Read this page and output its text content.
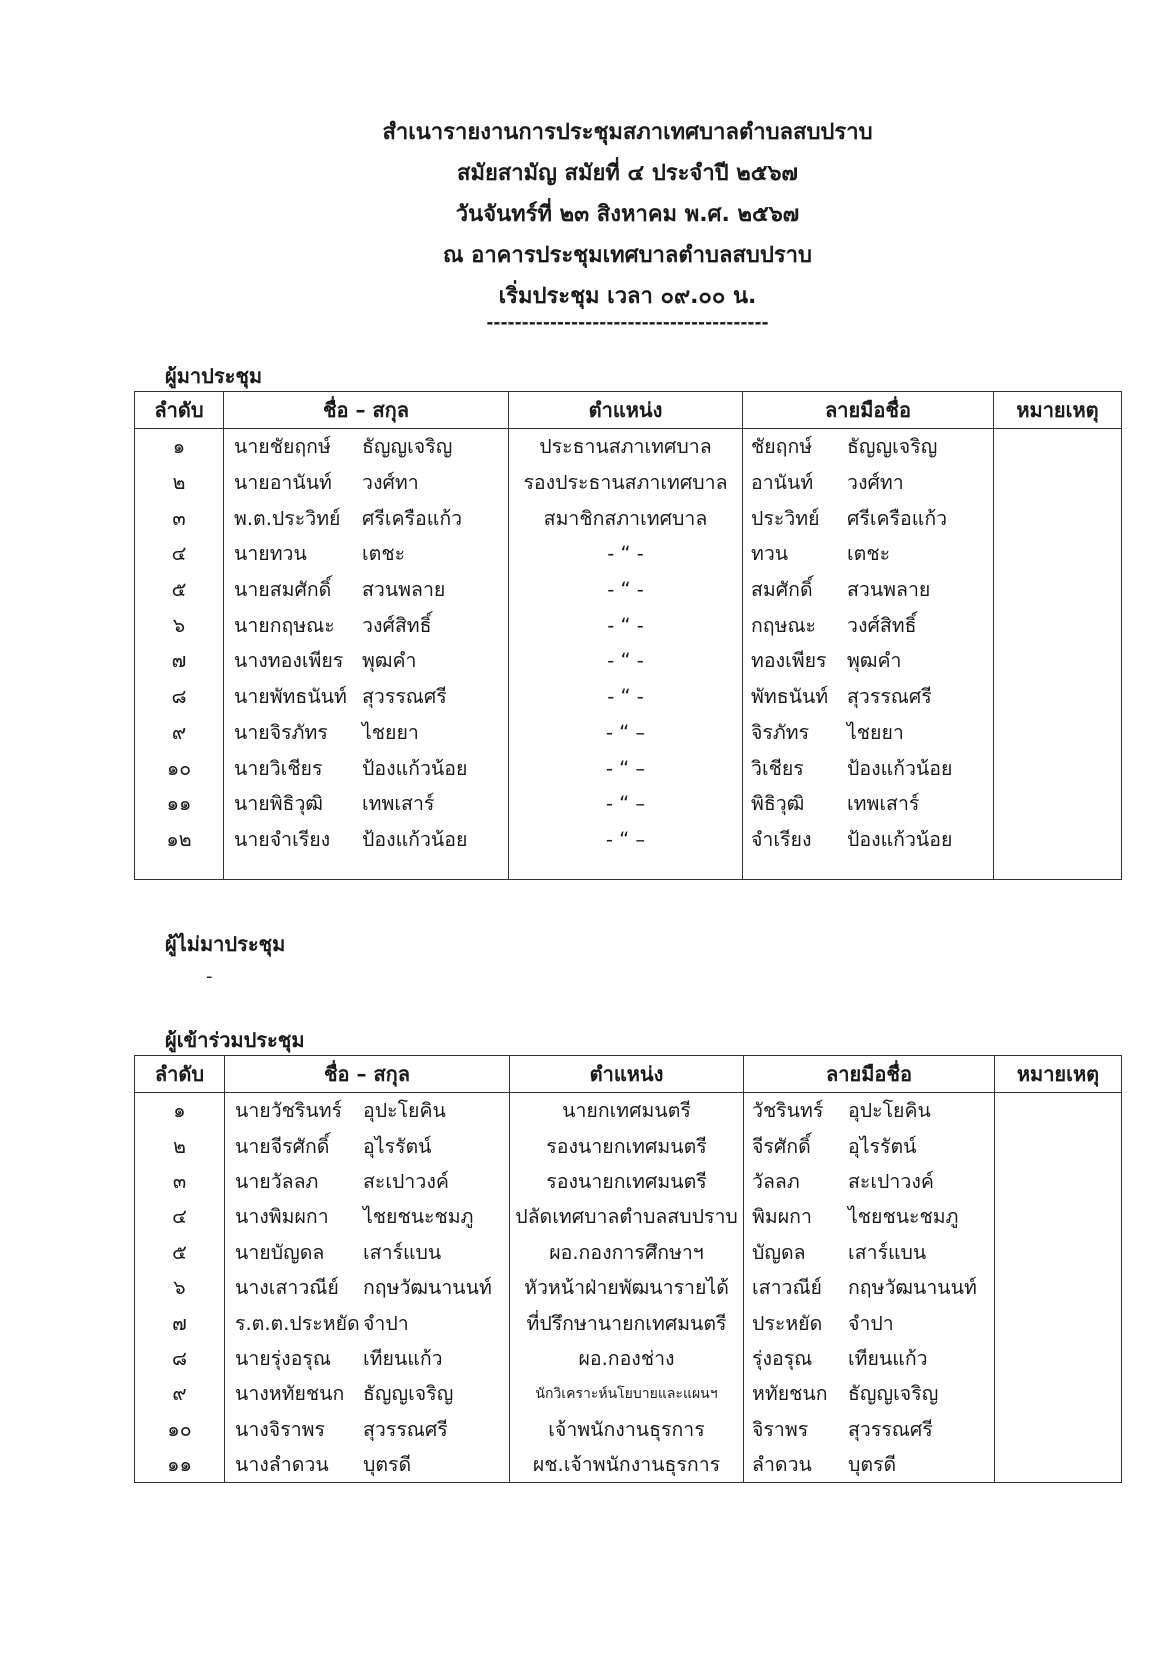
สำเนารายงานการประชุมสภาเทศบาลตำบลสบปราบ
สมัยสามัญ สมัยที่ ๔ ประจำปี ๒๕๖๗
วันจันทร์ที่ ๒๓ สิงหาคม พ.ศ. ๒๕๖๗
ณ อาคารประชุมเทศบาลตำบลสบปราบ
เริ่มประชุม เวลา ๐๙.๐๐ น.
----------------------------------------
ผู้มาประชุม
ลำดับ	ชื่อ – สกุล	ตำแหน่ง	ลายมือชื่อ	หมายเหตุ
๑	นายชัยฤกษ์ ธัญญเจริญ	ประธานสภาเทศบาล	ชัยฤกษ์ ธัญญเจริญ	
๒	นายอานันท์ วงศ์ทา	รองประธานสภาเทศบาล	อานันท์ วงศ์ทา	
๓	พ.ต.ประวิทย์ ศรีเครือแก้ว	สมาชิกสภาเทศบาล	ประวิทย์ ศรีเครือแก้ว	
๔	นายทวน เตชะ	- “ -	ทวน เตชะ	
๕	นายสมศักดิ์ สวนพลาย	- “ -	สมศักดิ์ สวนพลาย	
๖	นายกฤษณะ วงศ์สิทธิ์	- “ -	กฤษณะ วงศ์สิทธิ์	
๗	นางทองเพียร พุฒคำ	- “ -	ทองเพียร พุฒคำ	
๘	นายพัทธนันท์ สุวรรณศรี	- “ -	พัทธนันท์ สุวรรณศรี	
๙	นายจิรภัทร ไชยยา	- “ –	จิรภัทร ไชยยา	
๑๐	นายวิเชียร ป้องแก้วน้อย	- “ –	วิเชียร ป้องแก้วน้อย	
๑๑	นายพิธิวุฒิ เทพเสาร์	- “ –	พิธิวุฒิ เทพเสาร์	
๑๒	นายจำเรียง ป้องแก้วน้อย	- “ –	จำเรียง ป้องแก้วน้อย	

ผู้ไม่มาประชุม
-
ผู้เข้าร่วมประชุม
ลำดับ	ชื่อ – สกุล	ตำแหน่ง	ลายมือชื่อ	หมายเหตุ
๑	นายวัชรินทร์ อุปะโยคิน	นายกเทศมนตรี	วัชรินทร์ อุปะโยคิน	
๒	นายจีรศักดิ์ อุไรรัตน์	รองนายกเทศมนตรี	จีรศักดิ์ อุไรรัตน์	
๓	นายวัลลภ สะเปาวงค์	รองนายกเทศมนตรี	วัลลภ สะเปาวงค์	
๔	นางพิมผกา ไชยชนะชมภู	ปลัดเทศบาลตำบลสบปราบ	พิมผกา ไชยชนะชมภู	
๕	นายบัญดล เสาร์แบน	ผอ.กองการศึกษาฯ	บัญดล เสาร์แบน	
๖	นางเสาวณีย์ กฤษวัฒนานนท์	หัวหน้าฝ่ายพัฒนารายได้	เสาวณีย์ กฤษวัฒนานนท์	
๗	ร.ต.ต.ประหยัด จำปา	ที่ปรึกษานายกเทศมนตรี	ประหยัด จำปา	
๘	นายรุ่งอรุณ เทียนแก้ว	ผอ.กองช่าง	รุ่งอรุณ เทียนแก้ว	
๙	นางหทัยชนก ธัญญเจริญ	นักวิเคราะห์นโยบายและแผนฯ	หทัยชนก ธัญญเจริญ	
๑๐	นางจิราพร สุวรรณศรี	เจ้าพนักงานธุรการ	จิราพร สุวรรณศรี	
๑๑	นางลำดวน บุตรดี	ผช.เจ้าพนักงานธุรการ	ลำดวน บุตรดี	
